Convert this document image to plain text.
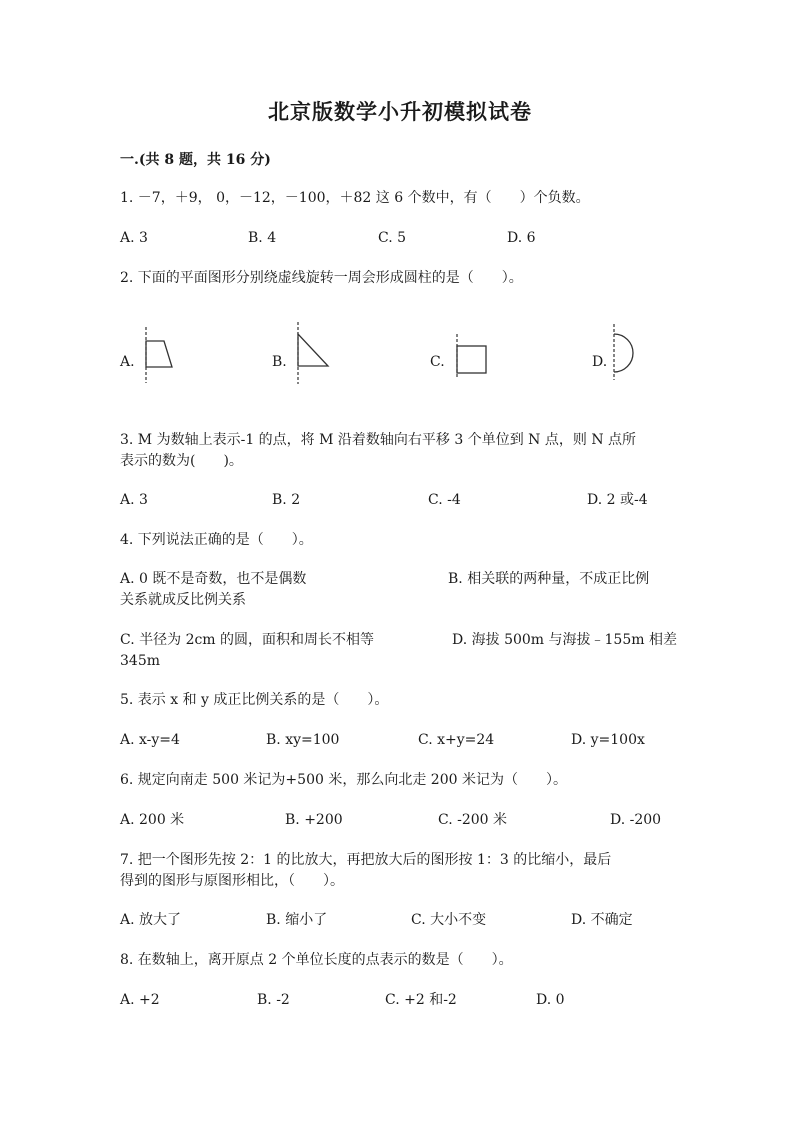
北京版数学小升初模拟试卷
一.(共 8 题，共 16 分)
1. －7，＋9， 0，－12，－100，＋82 这 6 个数中，有（　　）个负数。
A. 3	B. 4	C. 5	D. 6
2. 下面的平面图形分别绕虚线旋转一周会形成圆柱的是（　　）。
A.	B.	C.	D.
3. M 为数轴上表示-1 的点，将 M 沿着数轴向右平移 3 个单位到 N 点，则 N 点所
表示的数为(　　)。
A. 3	B. 2	C. -4	D. 2 或-4
4. 下列说法正确的是（　　）。
A. 0 既不是奇数，也不是偶数	B. 相关联的两种量，不成正比例
关系就成反比例关系
C. 半径为 2cm 的圆，面积和周长不相等	D. 海拔 500m 与海拔﹣155m 相差
345m
5. 表示 x 和 y 成正比例关系的是（　　）。
A. x-y=4	B. xy=100	C. x+y=24	D. y=100x
6. 规定向南走 500 米记为+500 米，那么向北走 200 米记为（　　）。
A. 200 米	B. +200	C. -200 米	D. -200
7. 把一个图形先按 2：1 的比放大，再把放大后的图形按 1：3 的比缩小，最后
得到的图形与原图形相比，（　　）。
A. 放大了	B. 缩小了	C. 大小不变	D. 不确定
8. 在数轴上，离开原点 2 个单位长度的点表示的数是（　　）。
A. +2	B. -2	C. +2 和-2	D. 0
